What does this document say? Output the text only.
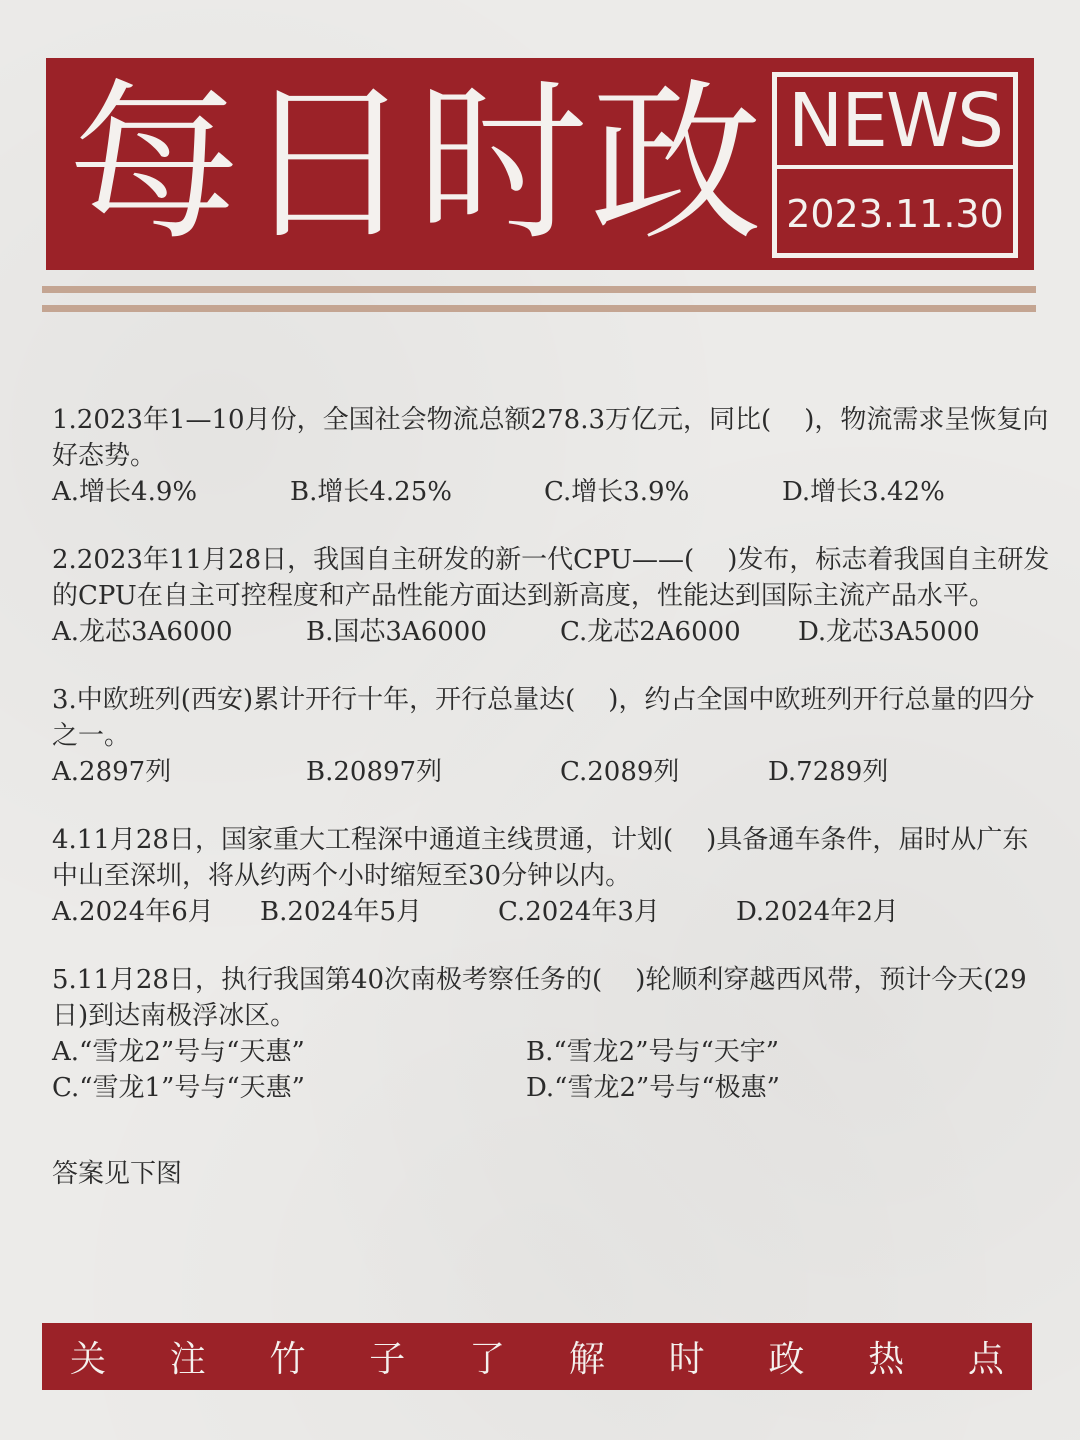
每日时政 NEWS
2023.11.30

1.2023年1—10月份，全国社会物流总额278.3万亿元，同比(    )，物流需求呈恢复向好态势。

A.增长4.9%	B.增长4.25%	C.增长3.9%	D.增长3.42%

2.2023年11月28日，我国自主研发的新一代CPU——(    )发布，标志着我国自主研发的CPU在自主可控程度和产品性能方面达到新高度，性能达到国际主流产品水平。

A.龙芯3A6000	B.国芯3A6000	C.龙芯2A6000	D.龙芯3A5000

3.中欧班列(西安)累计开行十年，开行总量达(    )，约占全国中欧班列开行总量的四分之一。

A.2897列	B.20897列	C.2089列	D.7289列

4.11月28日，国家重大工程深中通道主线贯通，计划(    )具备通车条件，届时从广东中山至深圳，将从约两个小时缩短至30分钟以内。

A.2024年6月	B.2024年5月	C.2024年3月	D.2024年2月

5.11月28日，执行我国第40次南极考察任务的(    )轮顺利穿越西风带，预计今天(29日)到达南极浮冰区。

A.“雪龙2”号与“天惠”	B.“雪龙2”号与“天宇”
C.“雪龙1”号与“天惠”	D.“雪龙2”号与“极惠”
答案见下图
关 注 竹 子 了 解 时 政 热 点
